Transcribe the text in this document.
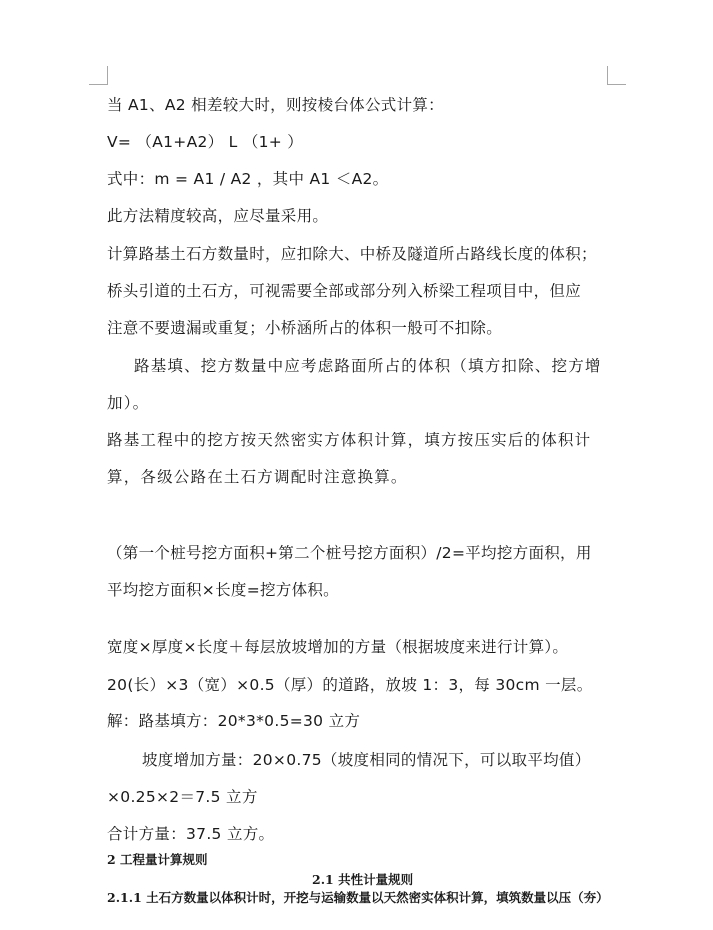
当 A1、A2 相差较大时，则按棱台体公式计算：
V= （A1+A2） L （1+ ）
式中：m = A1 / A2 ，其中 A1 ＜A2。
此方法精度较高，应尽量采用。
计算路基土石方数量时，应扣除大、中桥及隧道所占路线长度的体积；
桥头引道的土石方，可视需要全部或部分列入桥梁工程项目中，但应
注意不要遗漏或重复；小桥涵所占的体积一般可不扣除。
路基填、挖方数量中应考虑路面所占的体积（填方扣除、挖方增
加）。
路基工程中的挖方按天然密实方体积计算，填方按压实后的体积计
算，各级公路在土石方调配时注意换算。
（第一个桩号挖方面积+第二个桩号挖方面积）/2=平均挖方面积，用
平均挖方面积×长度=挖方体积。
宽度×厚度×长度＋每层放坡增加的方量（根据坡度来进行计算）。
20(长）×3（宽）×0.5（厚）的道路，放坡 1：3，每 30cm 一层。
解：路基填方：20*3*0.5=30 立方
坡度增加方量：20×0.75（坡度相同的情况下，可以取平均值）
×0.25×2＝7.5 立方
合计方量：37.5 立方。
2 工程量计算规则
2.1 共性计量规则
2.1.1 土石方数量以体积计时，开挖与运输数量以天然密实体积计算，填筑数量以压（夯）
